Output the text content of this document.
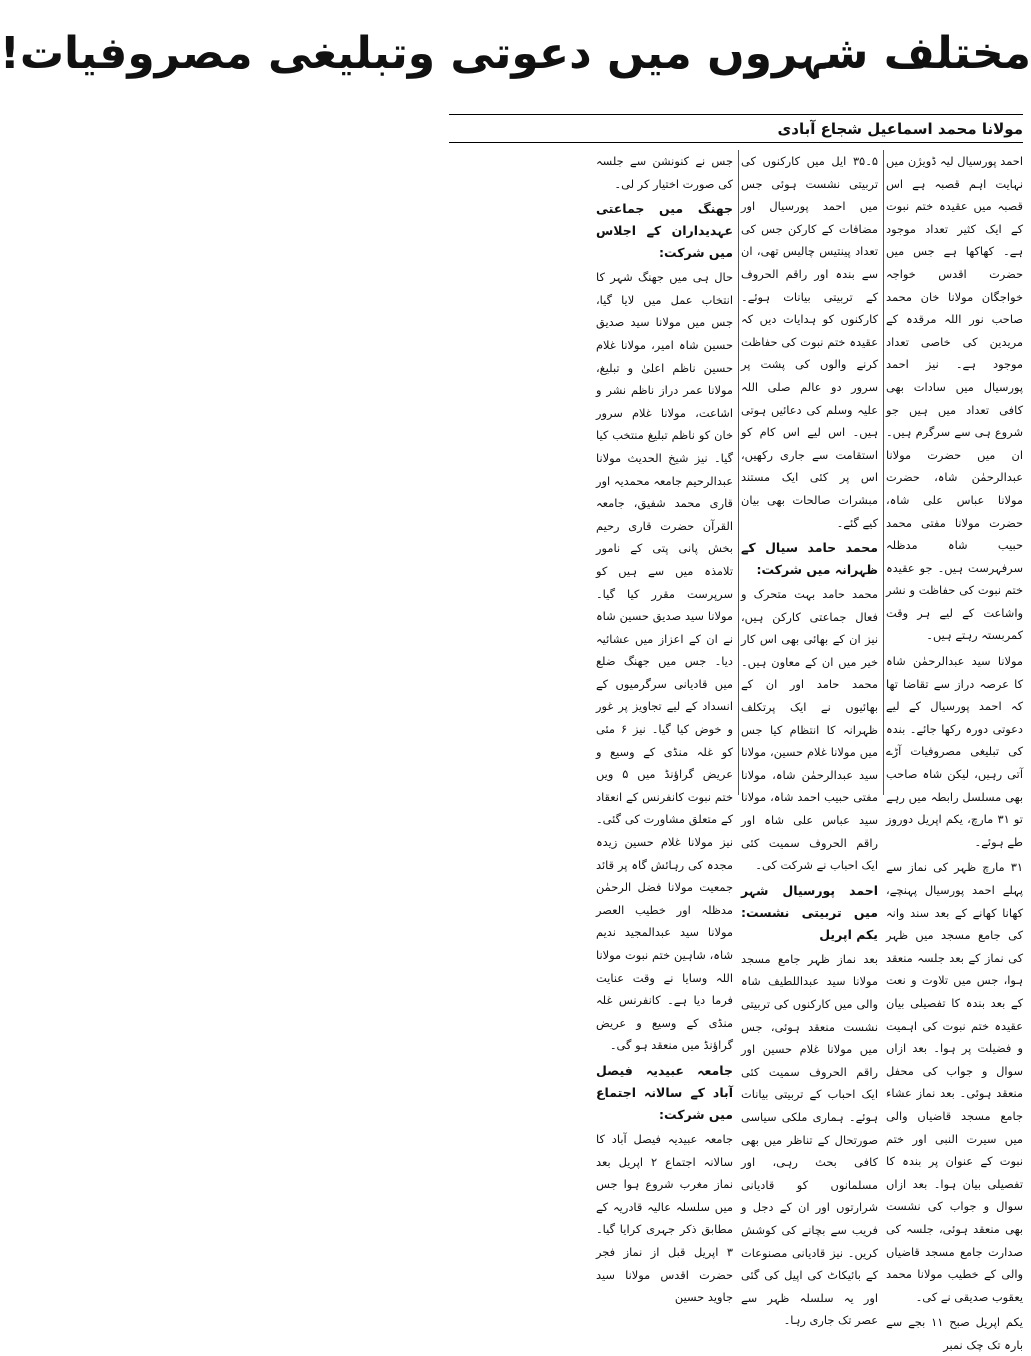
مختلف شہروں میں دعوتی وتبلیغی مصروفیات!
مولانا محمد اسماعیل شجاع آبادی

احمد پورسیال لیہ ڈویژن میں نہایت اہم قصبہ ہے اس قصبہ میں عقیدہ ختم نبوت کے ایک کثیر تعداد موجود ہے۔ کھاکھا ہے جس میں حضرت اقدس خواجہ خواجگان مولانا خان محمد صاحب نور اللہ مرقدہ کے مریدین کی خاصی تعداد موجود ہے۔ نیز احمد پورسیال میں سادات بھی کافی تعداد میں ہیں جو شروع ہی سے سرگرم ہیں۔ ان میں حضرت مولانا عبدالرحمٰن شاہ، حضرت مولانا عباس علی شاہ، حضرت مولانا مفتی محمد حبیب شاہ مدظلہ سرفہرست ہیں۔ جو عقیدہ ختم نبوت کی حفاظت و نشر واشاعت کے لیے ہر وقت کمربستہ رہتے ہیں۔

مولانا سید عبدالرحمٰن شاہ کا عرصہ دراز سے تقاضا تھا کہ احمد پورسیال کے لیے دعوتی دورہ رکھا جائے۔ بندہ کی تبلیغی مصروفیات آڑے آتی رہیں، لیکن شاہ صاحب بھی مسلسل رابطہ میں رہے تو ۳۱ مارچ، یکم اپریل دوروز طے ہوئے۔

۳۱ مارچ ظہر کی نماز سے پہلے احمد پورسیال پہنچے، کھانا کھانے کے بعد سند وانہ کی جامع مسجد میں ظہر کی نماز کے بعد جلسہ منعقد ہوا، جس میں تلاوت و نعت کے بعد بندہ کا تفصیلی بیان عقیدہ ختم نبوت کی اہمیت و فضیلت پر ہوا۔ بعد ازاں سوال و جواب کی محفل منعقد ہوئی۔ بعد نماز عشاء جامع مسجد قاضیاں والی میں سیرت النبی اور ختم نبوت کے عنوان پر بندہ کا تفصیلی بیان ہوا۔ بعد ازاں سوال و جواب کی نشست بھی منعقد ہوئی، جلسہ کی صدارت جامع مسجد قاضیاں والی کے خطیب مولانا محمد یعقوب صدیقی نے کی۔

یکم اپریل صبح ۱۱ بجے سے بارہ تک چک نمبر

۵۔۳۵ ایل میں کارکنوں کی تربیتی نشست ہوئی جس میں احمد پورسیال اور مضافات کے کارکن جس کی تعداد پینتیس چالیس تھی، ان سے بندہ اور راقم الحروف کے تربیتی بیانات ہوئے۔ کارکنوں کو ہدایات دیں کہ عقیدہ ختم نبوت کی حفاظت کرنے والوں کی پشت پر سرور دو عالم صلی اللہ علیہ وسلم کی دعائیں ہوتی ہیں۔ اس لیے اس کام کو استقامت سے جاری رکھیں، اس پر کئی ایک مستند مبشرات صالحات بھی بیان کیے گئے۔

محمد حامد سیال کے ظہرانہ میں شرکت:

محمد حامد بہت متحرک و فعال جماعتی کارکن ہیں، نیز ان کے بھائی بھی اس کار خیر میں ان کے معاون ہیں۔ محمد حامد اور ان کے بھائیوں نے ایک پرتکلف ظہرانہ کا انتظام کیا جس میں مولانا غلام حسین، مولانا سید عبدالرحمٰن شاہ، مولانا مفتی حبیب احمد شاہ، مولانا سید عباس علی شاہ اور راقم الحروف سمیت کئی ایک احباب نے شرکت کی۔

احمد پورسیال شہر میں تربیتی نشست: یکم اپریل

بعد نماز ظہر جامع مسجد مولانا سید عبداللطیف شاہ والی میں کارکنوں کی تربیتی نشست منعقد ہوئی، جس میں مولانا غلام حسین اور راقم الحروف سمیت کئی ایک احباب کے تربیتی بیانات ہوئے۔ ہماری ملکی سیاسی صورتحال کے تناظر میں بھی کافی بحث رہی، اور مسلمانوں کو قادیانی شرارتوں اور ان کے دجل و فریب سے بچانے کی کوشش کریں۔ نیز قادیانی مصنوعات کے بائیکاٹ کی اپیل کی گئی اور یہ سلسلہ ظہر سے عصر تک جاری رہا۔

جس نے کنونشن سے جلسہ کی صورت اختیار کر لی۔

جھنگ میں جماعتی عہدیداران کے اجلاس میں شرکت:

حال ہی میں جھنگ شہر کا انتخاب عمل میں لایا گیا، جس میں مولانا سید صدیق حسین شاہ امیر، مولانا غلام حسین ناظم اعلیٰ و تبلیغ، مولانا عمر دراز ناظم نشر و اشاعت، مولانا غلام سرور خان کو ناظم تبلیغ منتخب کیا گیا۔ نیز شیخ الحدیث مولانا عبدالرحیم جامعہ محمدیہ اور قاری محمد شفیق، جامعہ القرآن حضرت قاری رحیم بخش پانی پتی کے نامور تلامذہ میں سے ہیں کو سرپرست مقرر کیا گیا۔ مولانا سید صدیق حسین شاہ نے ان کے اعزاز میں عشائیہ دیا۔ جس میں جھنگ ضلع میں قادیانی سرگرمیوں کے انسداد کے لیے تجاویز پر غور و خوض کیا گیا۔ نیز ۶ مئی کو غلہ منڈی کے وسیع و عریض گراؤنڈ میں ۵ ویں ختم نبوت کانفرنس کے انعقاد کے متعلق مشاورت کی گئی۔ نیز مولانا غلام حسین زیدہ مجدہ کی رہائش گاہ پر قائد جمعیت مولانا فضل الرحمٰن مدظلہ اور خطیب العصر مولانا سید عبدالمجید ندیم شاہ، شاہین ختم نبوت مولانا اللہ وسایا نے وقت عنایت فرما دیا ہے۔ کانفرنس غلہ منڈی کے وسیع و عریض گراؤنڈ میں منعقد ہو گی۔

جامعہ عبیدیہ فیصل آباد کے سالانہ اجتماع میں شرکت:

جامعہ عبیدیہ فیصل آباد کا سالانہ اجتماع ۲ اپریل بعد نماز مغرب شروع ہوا جس میں سلسلہ عالیہ قادریہ کے مطابق ذکر جہری کرایا گیا۔ ۳ اپریل قبل از نماز فجر حضرت اقدس مولانا سید جاوید حسین
